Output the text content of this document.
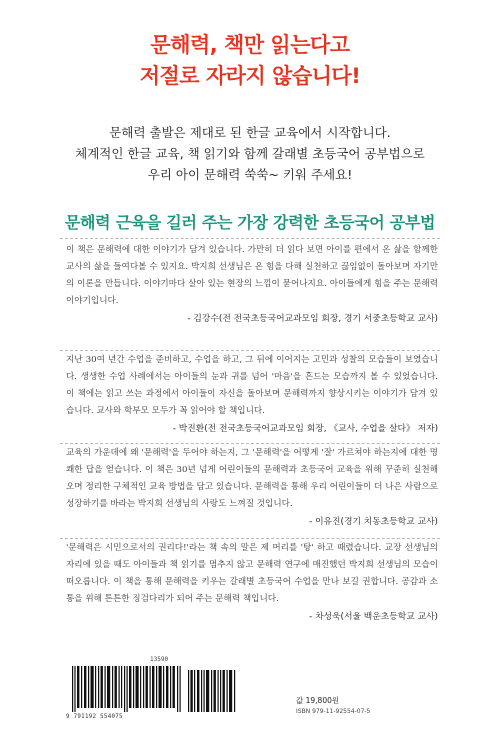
문해력, 책만 읽는다고
저절로 자라지 않습니다!
문해력 출발은 제대로 된 한글 교육에서 시작합니다.
체계적인 한글 교육, 책 읽기와 함께 갈래별 초등국어 공부법으로
우리 아이 문해력 쑥쑥~ 키워 주세요!
문해력 근육을 길러 주는 가장 강력한 초등국어 공부법

이 책은 문해력에 대한 이야기가 담겨 있습니다. 가만히 더 읽다 보면 아이를 편에서 온 삶을 함께한 교사의 삶을 들여다볼 수 있지요. 박지희 선생님은 온 힘을 다해 실천하고 끊임없이 돌아보며 자기만의 이론을 만듭니다. 이야기마다 살아 있는 현장의 느낌이 묻어나지요. 아이들에게 힘을 주는 문해력 이야기입니다.

- 김강수(전 전국초등국어교과모임 회장, 경기 서중초등학교 교사)

지난 30여 년간 수업을 준비하고, 수업을 하고, 그 뒤에 이어지는 고민과 성찰의 모습들이 보였습니다. 생생한 수업 사례에서는 아이들의 눈과 귀를 넘어 '마음'을 흔드는 모습까지 볼 수 있었습니다. 이 책에는 읽고 쓰는 과정에서 아이들이 자신을 돌아보며 문해력까지 향상시키는 이야기가 담겨 있습니다. 교사와 학부모 모두가 꼭 읽어야 할 책입니다.

- 박진환(전 전국초등국어교과모임 회장, 《교사, 수업을 살다》 저자)

교육의 가운데에 왜 '문해력'을 두어야 하는지, 그 '문해력'을 어떻게 '잘' 가르쳐야 하는지에 대한 명쾌한 답을 얻습니다. 이 책은 30년 넘게 어린이들의 문해력과 초등국어 교육을 위해 꾸준히 실천해 오며 정리한 구체적인 교육 방법을 담고 있습니다. 문해력을 통해 우리 어린이들이 더 나은 사람으로 성장하기를 바라는 박지희 선생님의 사랑도 느껴질 것입니다.

- 이유진(경기 치동초등학교 교사)

'문해력은 시민으로서의 권리다!'라는 책 속의 말은 제 머리를 '탕' 하고 때렸습니다. 교장 선생님의 자리에 있을 때도 아이들과 책 읽기를 멈추지 않고 문해력 연구에 매진했던 박지희 선생님의 모습이 떠오릅니다. 이 책을 통해 문해력을 키우는 갈래별 초등국어 수업을 만나 보길 권합니다. 공감과 소통을 위해 튼튼한 징검다리가 되어 주는 문해력 책입니다.

- 차성욱(서울 백운초등학교 교사)
13590
9 791192 554075
값 19,800원
ISBN 979-11-92554-07-5
